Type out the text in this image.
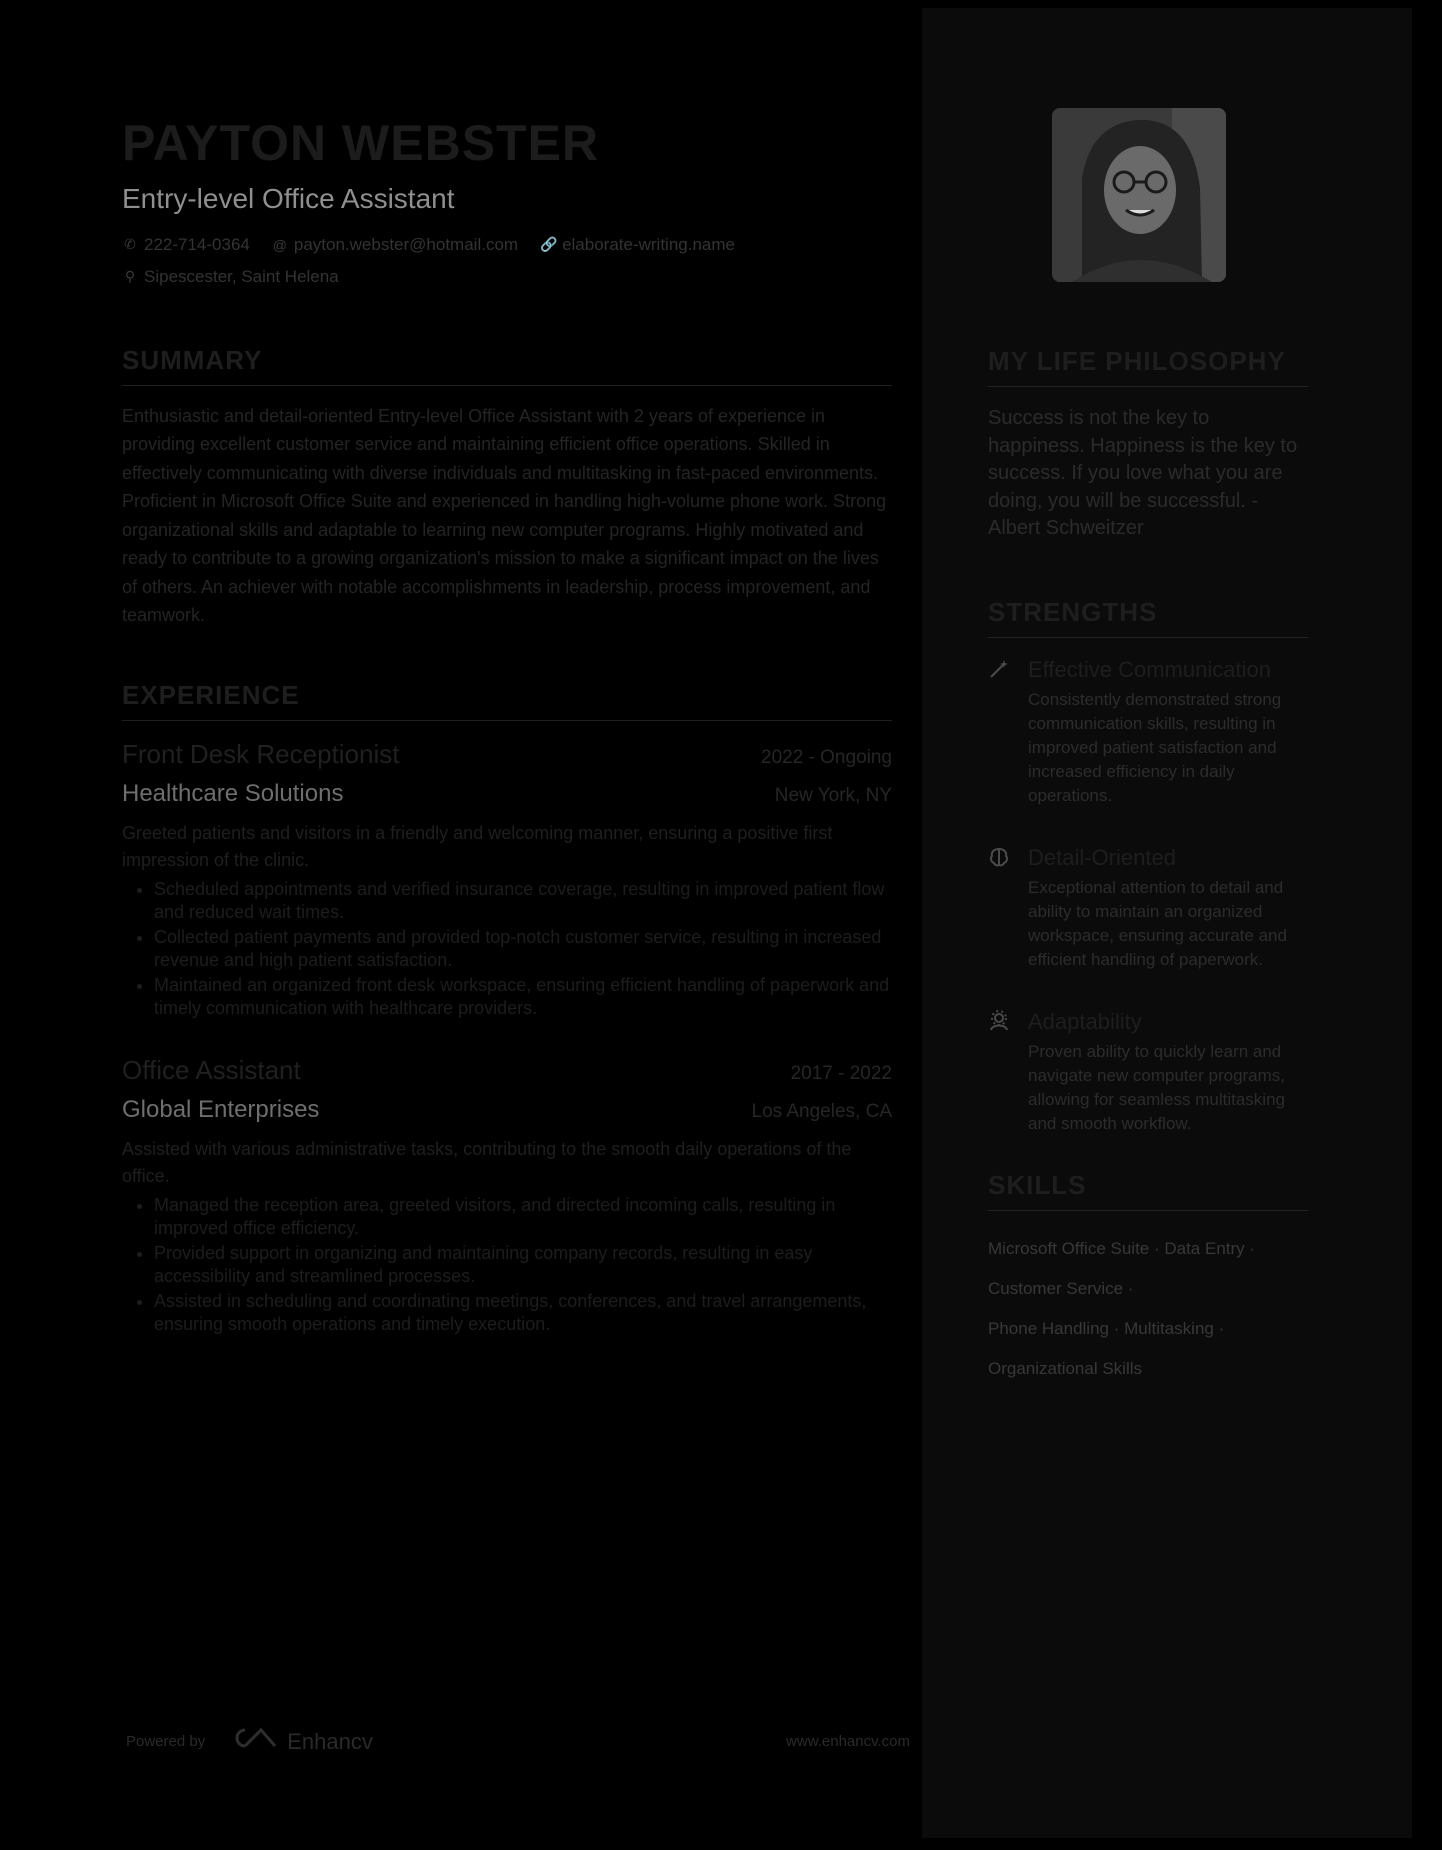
PAYTON WEBSTER
Entry-level Office Assistant
✆ 222-714-0364 @ payton.webster@hotmail.com 🔗 elaborate-writing.name
⚲ Sipescester, Saint Helena
SUMMARY
Enthusiastic and detail-oriented Entry-level Office Assistant with 2 years of experience in providing excellent customer service and maintaining efficient office operations. Skilled in effectively communicating with diverse individuals and multitasking in fast-paced environments. Proficient in Microsoft Office Suite and experienced in handling high-volume phone work. Strong organizational skills and adaptable to learning new computer programs. Highly motivated and ready to contribute to a growing organization's mission to make a significant impact on the lives of others. An achiever with notable accomplishments in leadership, process improvement, and teamwork.
EXPERIENCE
Front Desk Receptionist	2022 - Ongoing
Healthcare Solutions	New York, NY
Greeted patients and visitors in a friendly and welcoming manner, ensuring a positive first impression of the clinic.
• Scheduled appointments and verified insurance coverage, resulting in improved patient flow and reduced wait times.
• Collected patient payments and provided top-notch customer service, resulting in increased revenue and high patient satisfaction.
• Maintained an organized front desk workspace, ensuring efficient handling of paperwork and timely communication with healthcare providers.
Office Assistant	2017 - 2022
Global Enterprises	Los Angeles, CA
Assisted with various administrative tasks, contributing to the smooth daily operations of the office.
• Managed the reception area, greeted visitors, and directed incoming calls, resulting in improved office efficiency.
• Provided support in organizing and maintaining company records, resulting in easy accessibility and streamlined processes.
• Assisted in scheduling and coordinating meetings, conferences, and travel arrangements, ensuring smooth operations and timely execution.
Powered by	Enhancv	www.enhancv.com
MY LIFE PHILOSOPHY
Success is not the key to happiness. Happiness is the key to success. If you love what you are doing, you will be successful. - Albert Schweitzer
STRENGTHS
Effective Communication
Consistently demonstrated strong communication skills, resulting in improved patient satisfaction and increased efficiency in daily operations.
Detail-Oriented
Exceptional attention to detail and ability to maintain an organized workspace, ensuring accurate and efficient handling of paperwork.
Adaptability
Proven ability to quickly learn and navigate new computer programs, allowing for seamless multitasking and smooth workflow.
SKILLS
Microsoft Office Suite · Data Entry ·
Customer Service ·
Phone Handling · Multitasking ·
Organizational Skills
